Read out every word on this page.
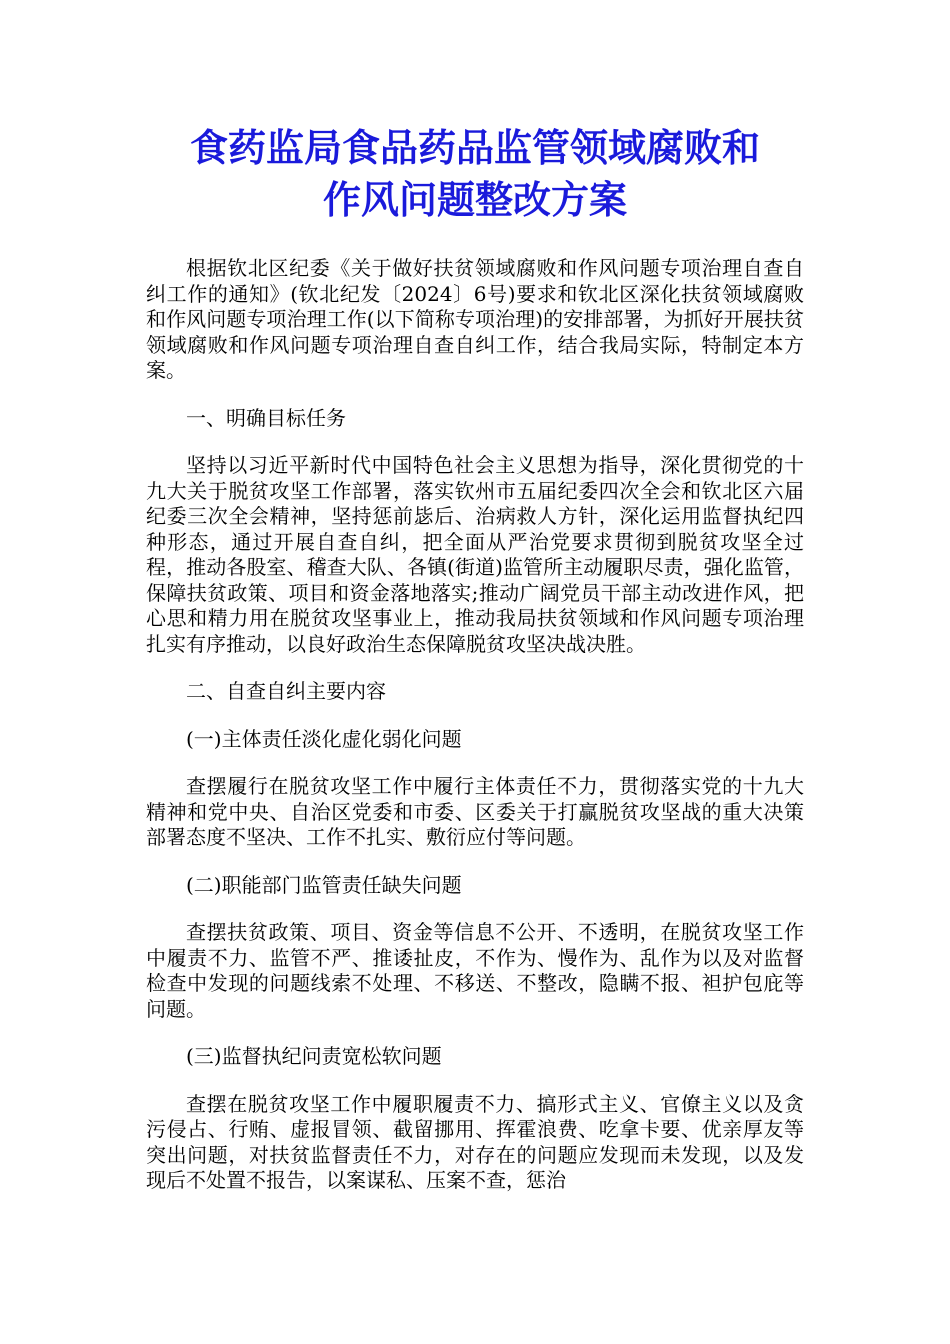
食药监局食品药品监管领域腐败和
作风问题整改方案

根据钦北区纪委《关于做好扶贫领域腐败和作风问题专项治理自查自纠工作的通知》(钦北纪发〔2024〕6号)要求和钦北区深化扶贫领域腐败和作风问题专项治理工作(以下简称专项治理)的安排部署，为抓好开展扶贫领域腐败和作风问题专项治理自查自纠工作，结合我局实际，特制定本方案。

一、明确目标任务

坚持以习近平新时代中国特色社会主义思想为指导，深化贯彻党的十九大关于脱贫攻坚工作部署，落实钦州市五届纪委四次全会和钦北区六届纪委三次全会精神，坚持惩前毖后、治病救人方针，深化运用监督执纪四种形态，通过开展自查自纠，把全面从严治党要求贯彻到脱贫攻坚全过程，推动各股室、稽查大队、各镇(街道)监管所主动履职尽责，强化监管，保障扶贫政策、项目和资金落地落实;推动广阔党员干部主动改进作风，把心思和精力用在脱贫攻坚事业上，推动我局扶贫领域和作风问题专项治理扎实有序推动，以良好政治生态保障脱贫攻坚决战决胜。

二、自查自纠主要内容

(一)主体责任淡化虚化弱化问题

查摆履行在脱贫攻坚工作中履行主体责任不力，贯彻落实党的十九大精神和党中央、自治区党委和市委、区委关于打赢脱贫攻坚战的重大决策部署态度不坚决、工作不扎实、敷衍应付等问题。

(二)职能部门监管责任缺失问题

查摆扶贫政策、项目、资金等信息不公开、不透明，在脱贫攻坚工作中履责不力、监管不严、推诿扯皮，不作为、慢作为、乱作为以及对监督检查中发现的问题线索不处理、不移送、不整改，隐瞒不报、袒护包庇等问题。

(三)监督执纪问责宽松软问题

查摆在脱贫攻坚工作中履职履责不力、搞形式主义、官僚主义以及贪污侵占、行贿、虚报冒领、截留挪用、挥霍浪费、吃拿卡要、优亲厚友等突出问题，对扶贫监督责任不力，对存在的问题应发现而未发现，以及发现后不处置不报告，以案谋私、压案不查，惩治
